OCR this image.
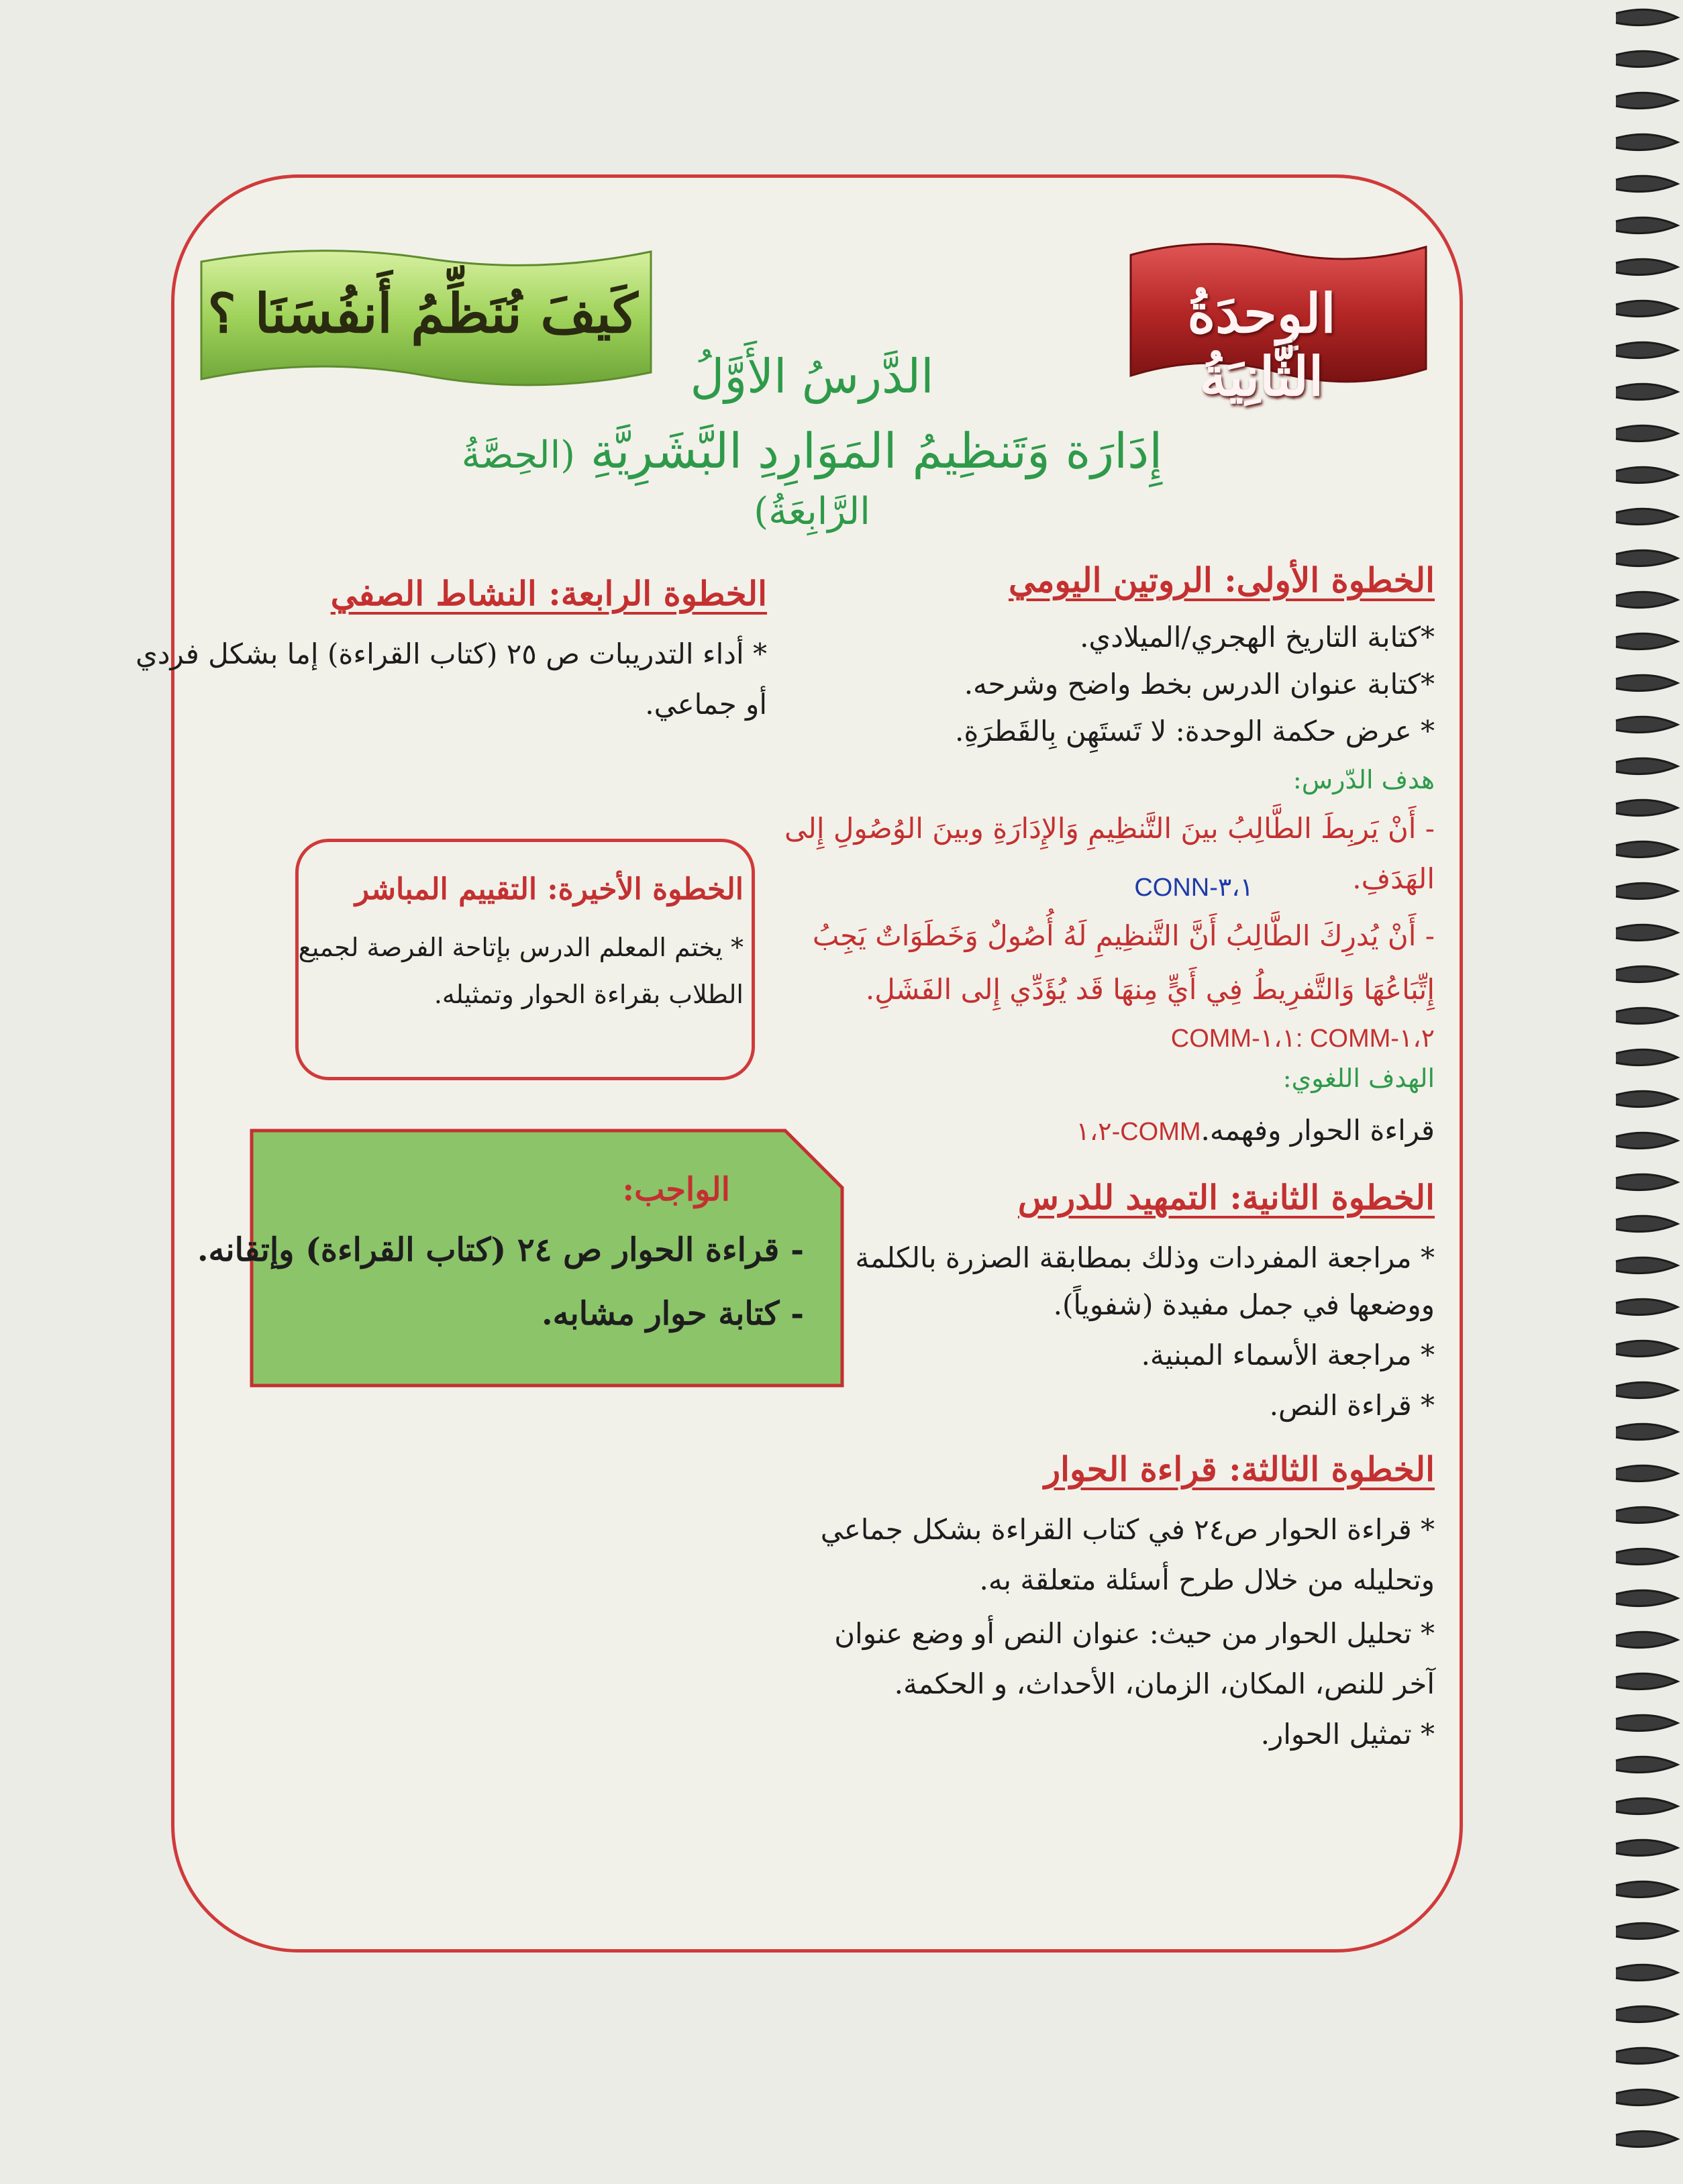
الوِحدَةُ الثَّانِيَةُ
كَيفَ نُنَظِّمُ أَنفُسَنَا ؟
الدَّرسُ الأَوَّلُ
إِدَارَة وَتَنظِيمُ المَوَارِدِ البَّشَرِيَّةِ (الحِصَّةُ الرَّابِعَةُ)
الخطوة الأولى: الروتين اليومي
*كتابة التاريخ الهجري/الميلادي.
*كتابة عنوان الدرس بخط واضح وشرحه.
* عرض حكمة الوحدة: لا تَستَهِن بِالقَطرَةِ.
هدف الدّرس:
- أَنْ يَربِطَ الطَّالِبُ بينَ التَّنظِيمِ وَالإِدَارَةِ وبينَ الوُصُولِ إِلى
الهَدَفِ.
CONN-٣،١
- أَنْ يُدرِكَ الطَّالِبُ أَنَّ التَّنظِيمِ لَهُ أُصُولٌ وَخَطَوَاتٌ يَجِبُ
إِتِّبَاعُهَا وَالتَّفرِيطُ فِي أَيٍّ مِنهَا قَد يُؤَدِّي إِلى الفَشَلِ.
COMM-١،١: COMM-١،٢
الهدف اللغوي:
قراءة الحوار وفهمه.COMM-١،٢
الخطوة الثانية: التمهيد للدرس
* مراجعة المفردات وذلك بمطابقة الصزرة بالكلمة
ووضعها في جمل مفيدة (شفوياً).
* مراجعة الأسماء المبنية.
* قراءة النص.
الخطوة الثالثة: قراءة الحوار
* قراءة الحوار ص٢٤ في كتاب القراءة بشكل جماعي
وتحليله من خلال طرح أسئلة متعلقة به.
* تحليل الحوار من حيث: عنوان النص أو وضع عنوان
آخر للنص، المكان، الزمان، الأحداث، و الحكمة.
* تمثيل الحوار.
الخطوة الرابعة: النشاط الصفي
* أداء التدريبات ص ٢٥ (كتاب القراءة) إما بشكل فردي
أو جماعي.
الخطوة الأخيرة: التقييم المباشر
* يختم المعلم الدرس بإتاحة الفرصة لجميع
الطلاب بقراءة الحوار وتمثيله.
الواجب:
- قراءة الحوار ص ٢٤ (كتاب القراءة) وإتقانه.
- كتابة حوار مشابه.
